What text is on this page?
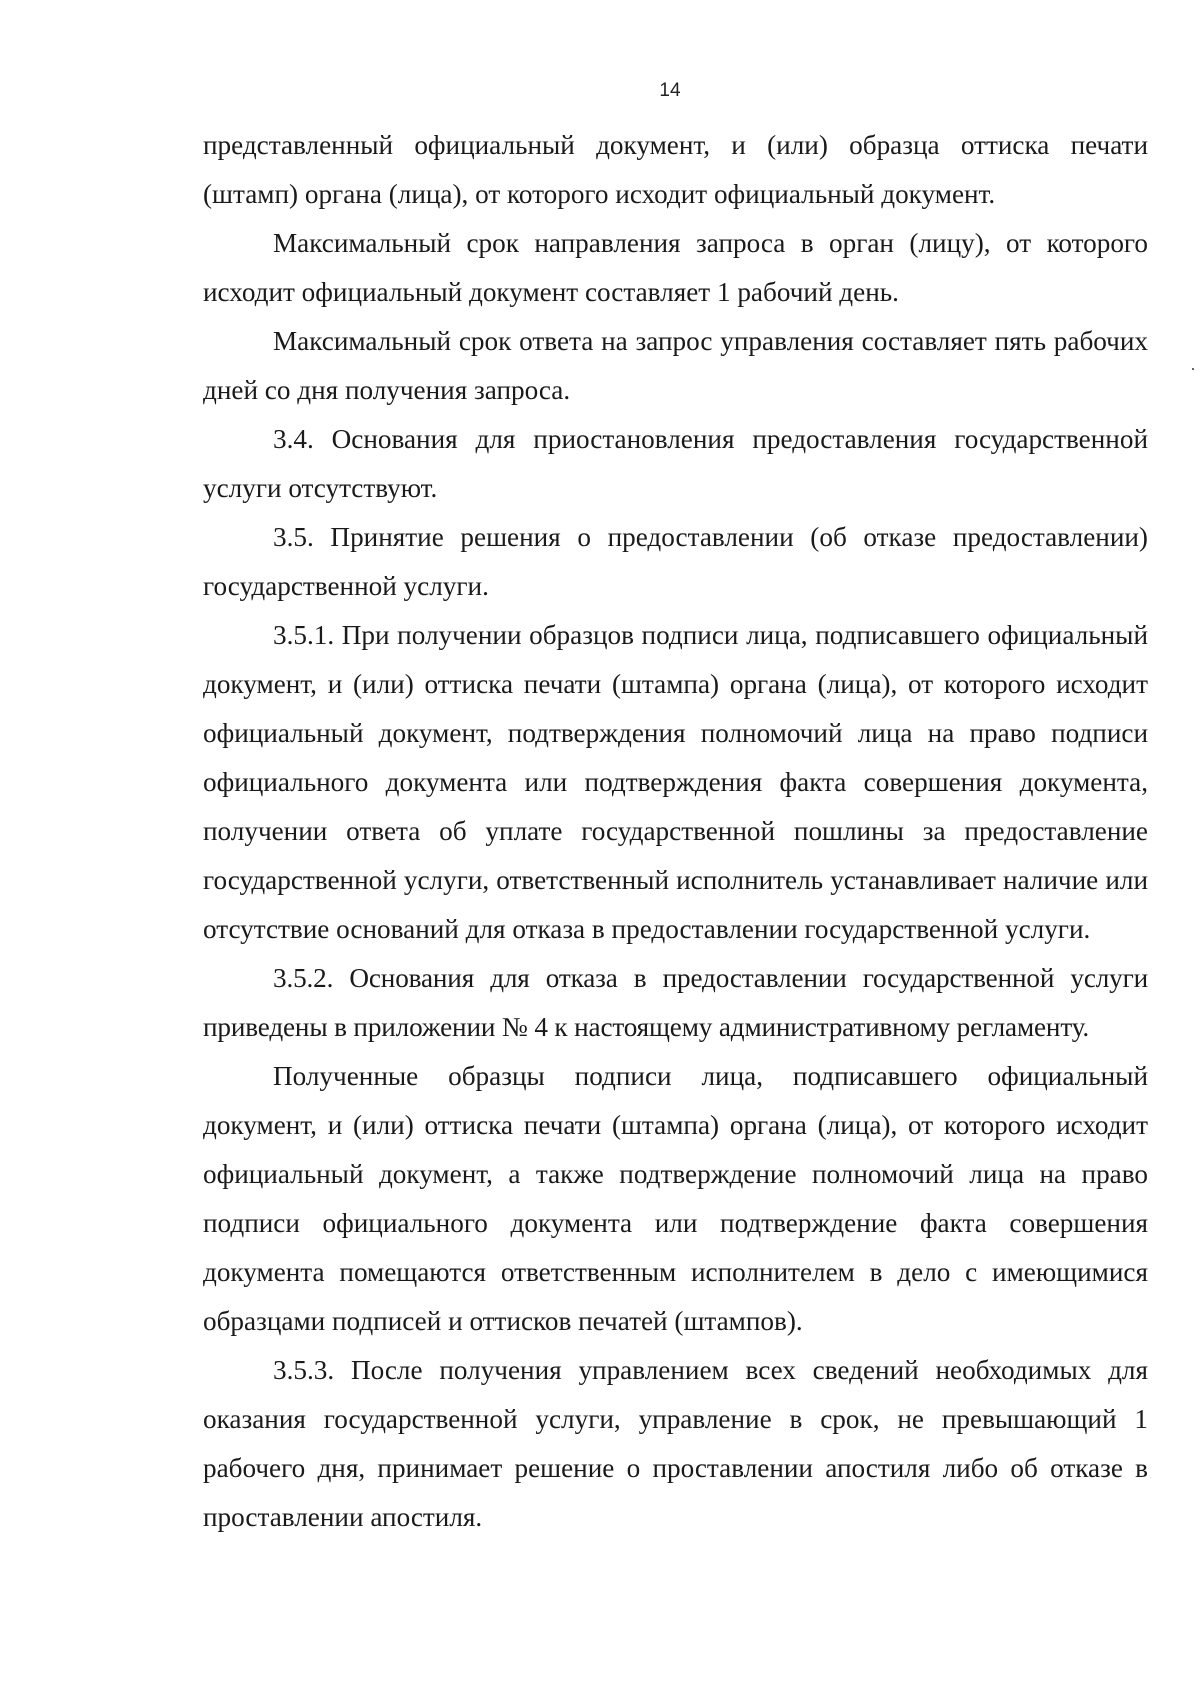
14

представленный официальный документ, и (или) образца оттиска печати (штамп) органа (лица), от которого исходит официальный документ.

Максимальный срок направления запроса в орган (лицу), от которого исходит официальный документ составляет 1 рабочий день.

Максимальный срок ответа на запрос управления составляет пять рабочих дней со дня получения запроса.

3.4. Основания для приостановления предоставления государственной услуги отсутствуют.

3.5. Принятие решения о предоставлении (об отказе предоставлении) государственной услуги.

3.5.1. При получении образцов подписи лица, подписавшего официальный документ, и (или) оттиска печати (штампа) органа (лица), от которого исходит официальный документ, подтверждения полномочий лица на право подписи официального документа или подтверждения факта совершения документа, получении ответа об уплате государственной пошлины за предоставление государственной услуги, ответственный исполнитель устанавливает наличие или отсутствие оснований для отказа в предоставлении государственной услуги.

3.5.2. Основания для отказа в предоставлении государственной услуги приведены в приложении № 4 к настоящему административному регламенту.

Полученные образцы подписи лица, подписавшего официальный документ, и (или) оттиска печати (штампа) органа (лица), от которого исходит официальный документ, а также подтверждение полномочий лица на право подписи официального документа или подтверждение факта совершения документа помещаются ответственным исполнителем в дело с имеющимися образцами подписей и оттисков печатей (штампов).

3.5.3. После получения управлением всех сведений необходимых для оказания государственной услуги, управление в срок, не превышающий 1 рабочего дня, принимает решение о проставлении апостиля либо об отказе в проставлении апостиля.
